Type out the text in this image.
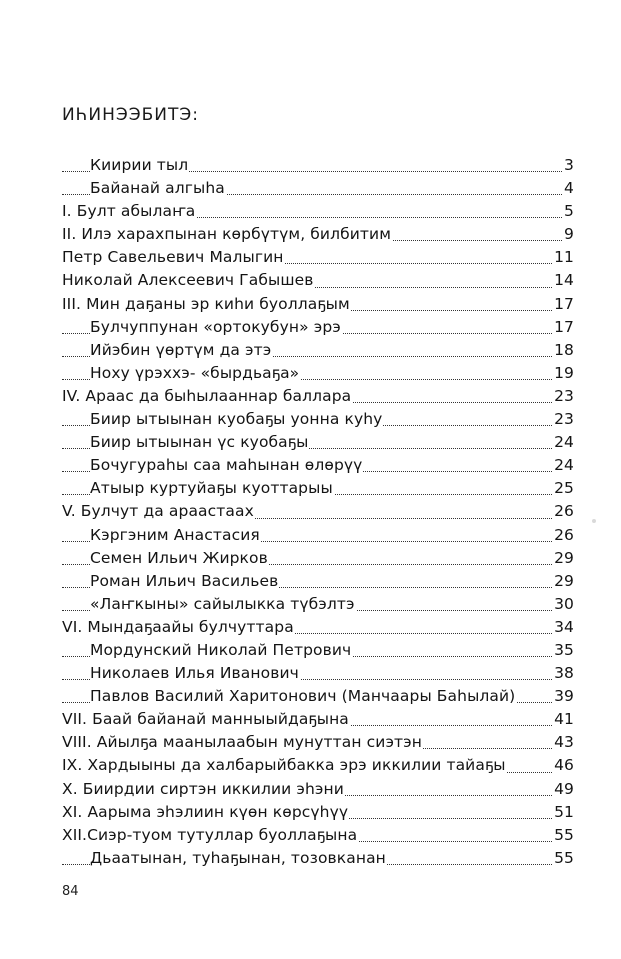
ИҺИНЭЭБИТЭ:
Киирии тыл	3
Байанай алгыһа	4
I. Булт абылаҥа	5
II. Илэ харахпынан көрбүтүм, билбитим	9
Петр Савельевич Малыгин	11
Николай Алексеевич Габышев	14
III. Мин даҕаны эр киһи буоллаҕым	17
Булчуппунан «ортокубун» эрэ	17
Ийэбин үөртүм да этэ	18
Ноху үрэххэ- «бырдьаҕа»	19
IV. Араас да быһылааннар баллара	23
Биир ытыынан куобаҕы уонна куһу	23
Биир ытыынан үс куобаҕы	24
Бочугураһы саа маһынан өлөрүү	24
Атыыр куртуйаҕы куоттарыы	25
V. Булчут да араастааx	26
Кэргэним Анастасия	26
Семен Ильич Жирков	29
Роман Ильич Васильев	29
«Лаҥкыны» сайылыкка түбэлтэ	30
VI. Мындаҕаайы булчуттара	34
Мордунский Николай Петрович	35
Николаев Илья Иванович	38
Павлов Василий Харитонович (Манчаары Баһылай) 39
VII. Баай байанай манныыйдаҕына	41
VIII. Айылҕа маанылаабын мунуттан сиэтэн	43
IX. Хардыыны да халбарыйбакка эрэ иккилии тайаҕы	46
X. Биирдии сиртэн иккилии эһэни	49
XI. Аарыма эһэлиин күөн көрсүһүү	51
XII.Сиэр-туом тутуллар буоллаҕына	55
Дьаатынан, туһаҕынан, тозовканан	55
84
